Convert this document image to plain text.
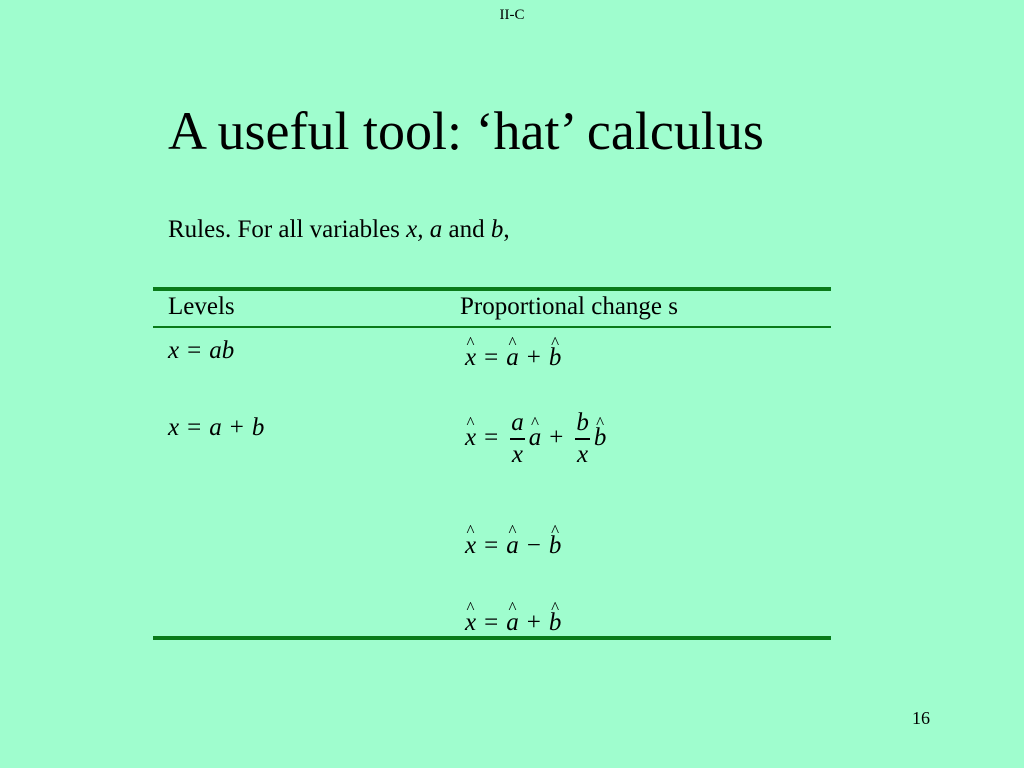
II-C
A useful tool: ‘hat’ calculus
Rules. For all variables x, a and b,
Levels	Proportional change s
x = ab
x = a + b
^ x = ^ a + ^ b
^ $x = \frac{a}{x}$ ^ $a + \frac{b}{x}$ ^ b
^ x = ^ a − ^ b
^ x = ^ a + ^ b
16
